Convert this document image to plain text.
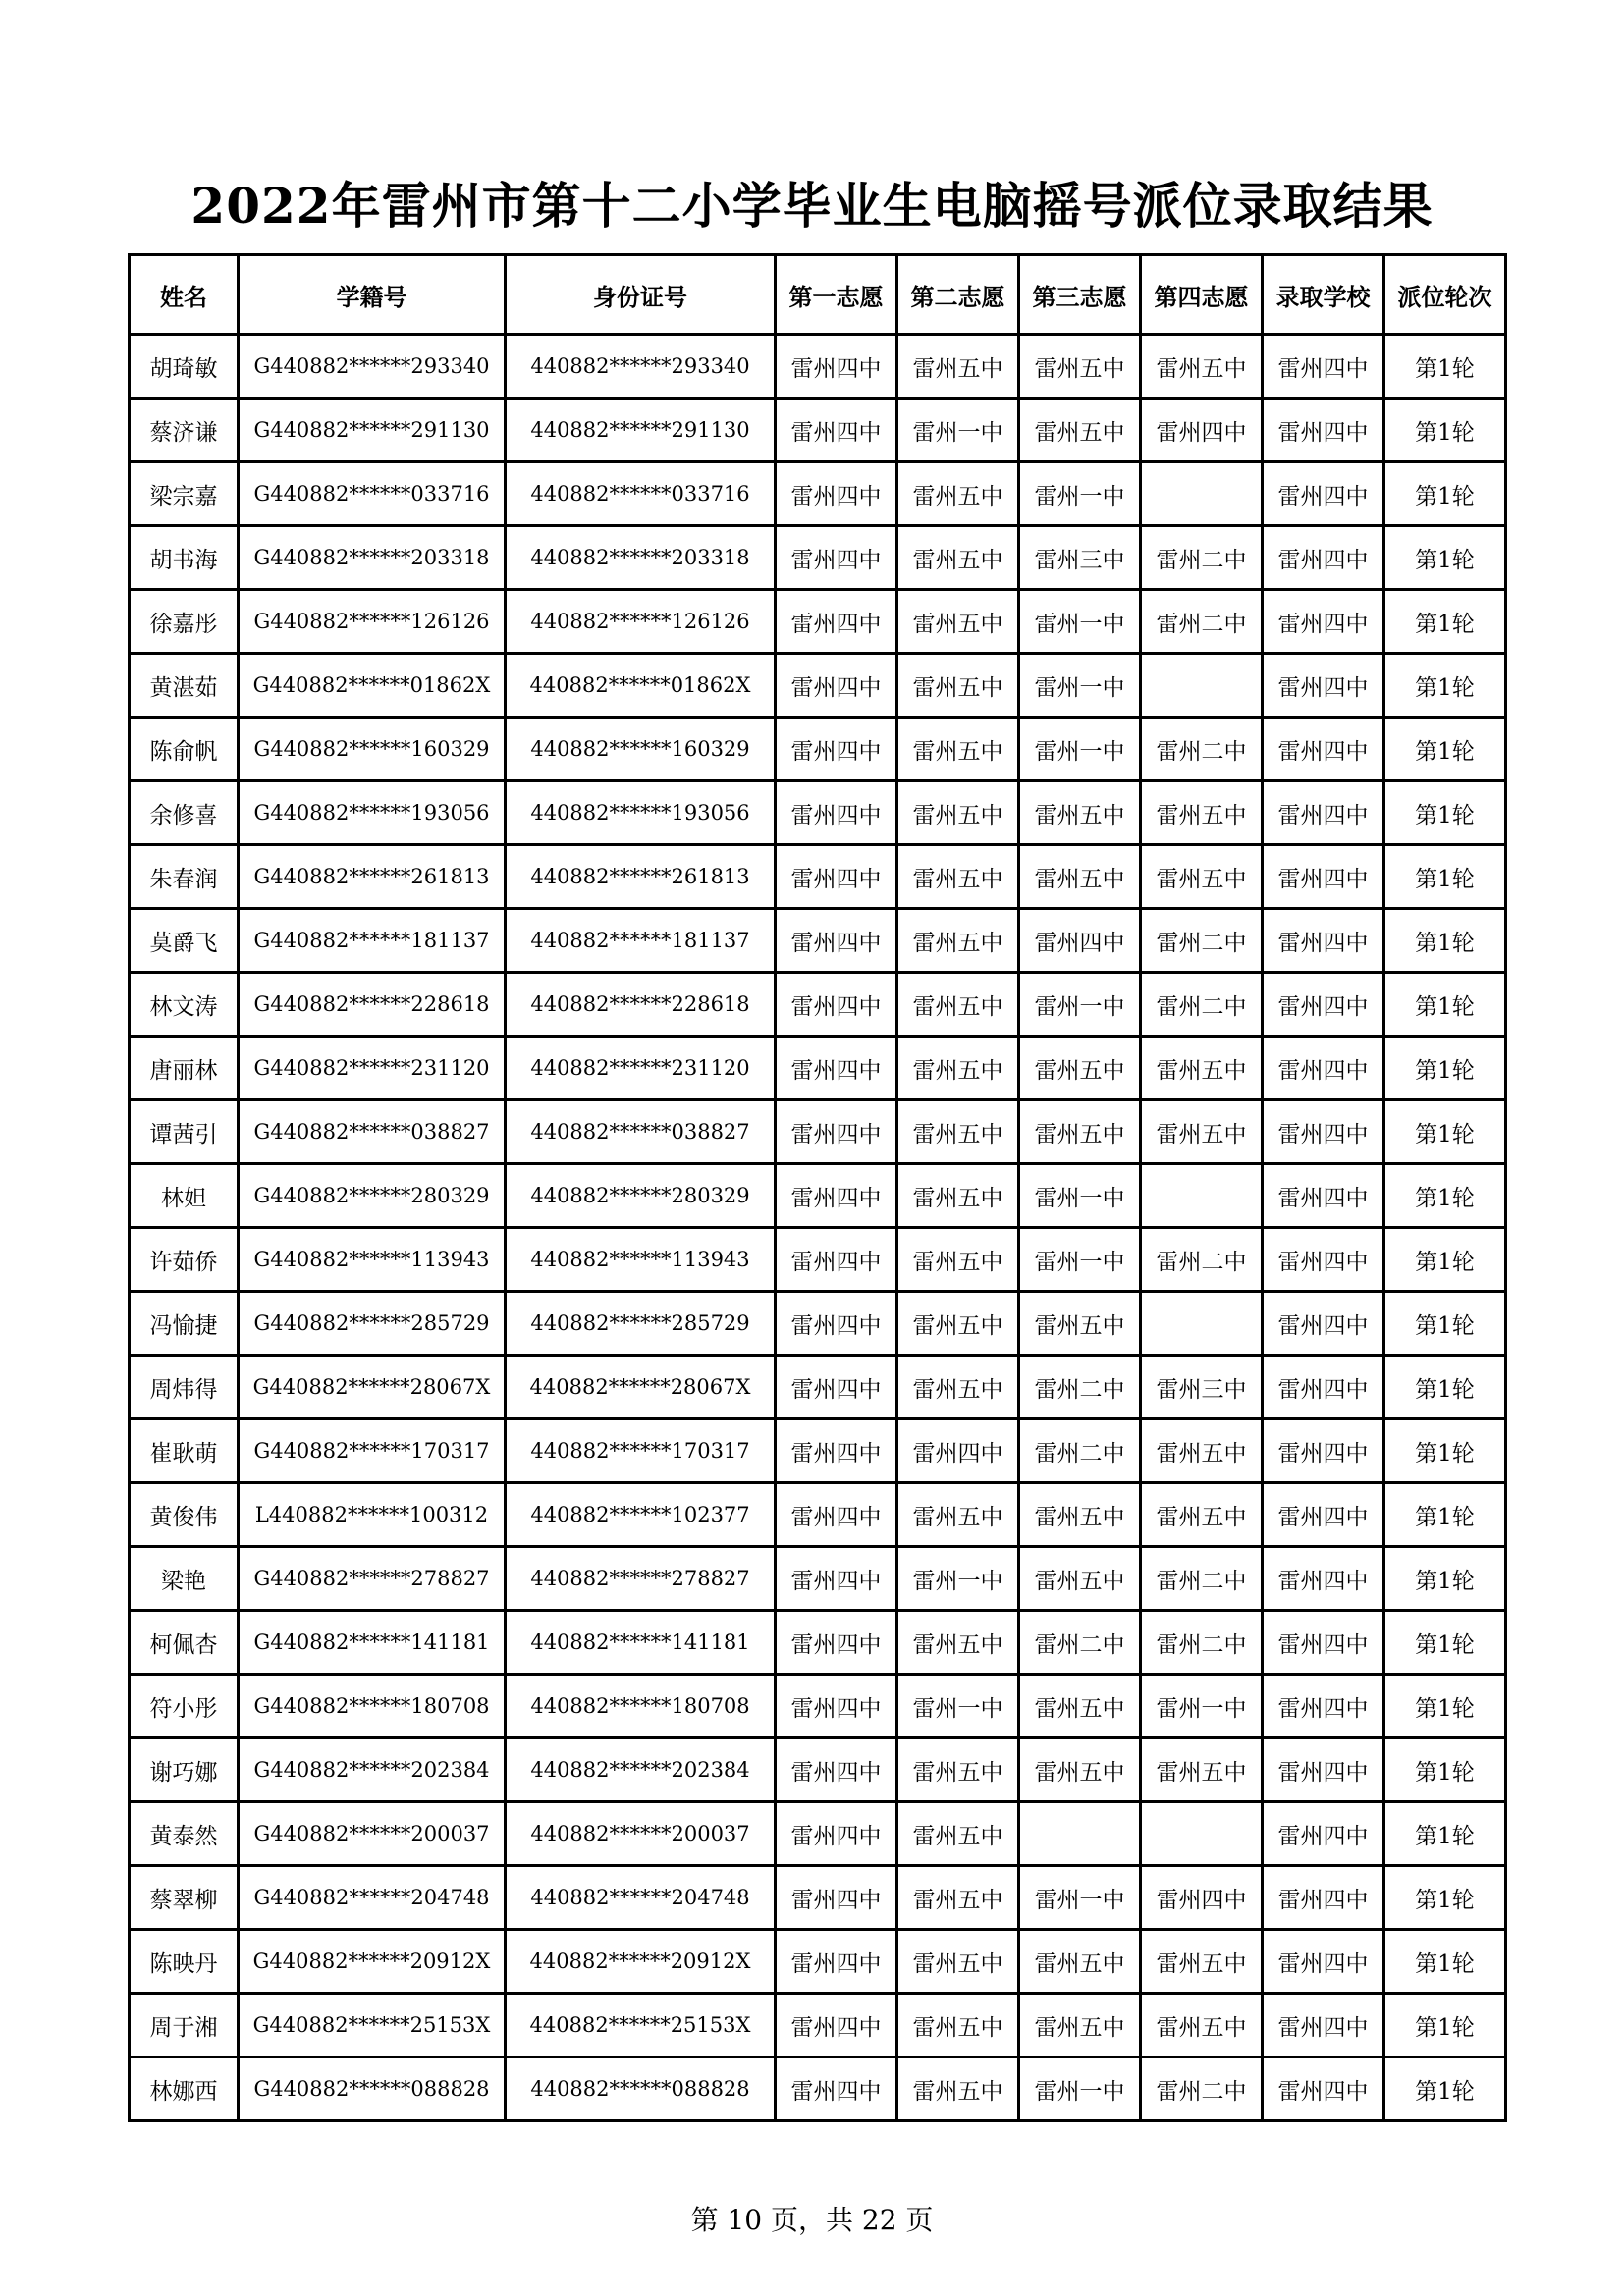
2022年雷州市第十二小学毕业生电脑摇号派位录取结果
姓名	学籍号	身份证号	第一志愿	第二志愿	第三志愿	第四志愿	录取学校	派位轮次
胡琦敏	G440882******293340	440882******293340	雷州四中	雷州五中	雷州五中	雷州五中	雷州四中	第1轮
蔡济谦	G440882******291130	440882******291130	雷州四中	雷州一中	雷州五中	雷州四中	雷州四中	第1轮
梁宗嘉	G440882******033716	440882******033716	雷州四中	雷州五中	雷州一中		雷州四中	第1轮
胡书海	G440882******203318	440882******203318	雷州四中	雷州五中	雷州三中	雷州二中	雷州四中	第1轮
徐嘉彤	G440882******126126	440882******126126	雷州四中	雷州五中	雷州一中	雷州二中	雷州四中	第1轮
黄湛茹	G440882******01862X	440882******01862X	雷州四中	雷州五中	雷州一中		雷州四中	第1轮
陈俞帆	G440882******160329	440882******160329	雷州四中	雷州五中	雷州一中	雷州二中	雷州四中	第1轮
余修喜	G440882******193056	440882******193056	雷州四中	雷州五中	雷州五中	雷州五中	雷州四中	第1轮
朱春润	G440882******261813	440882******261813	雷州四中	雷州五中	雷州五中	雷州五中	雷州四中	第1轮
莫爵飞	G440882******181137	440882******181137	雷州四中	雷州五中	雷州四中	雷州二中	雷州四中	第1轮
林文涛	G440882******228618	440882******228618	雷州四中	雷州五中	雷州一中	雷州二中	雷州四中	第1轮
唐丽林	G440882******231120	440882******231120	雷州四中	雷州五中	雷州五中	雷州五中	雷州四中	第1轮
谭茜引	G440882******038827	440882******038827	雷州四中	雷州五中	雷州五中	雷州五中	雷州四中	第1轮
林妲	G440882******280329	440882******280329	雷州四中	雷州五中	雷州一中		雷州四中	第1轮
许茹侨	G440882******113943	440882******113943	雷州四中	雷州五中	雷州一中	雷州二中	雷州四中	第1轮
冯愉捷	G440882******285729	440882******285729	雷州四中	雷州五中	雷州五中		雷州四中	第1轮
周炜得	G440882******28067X	440882******28067X	雷州四中	雷州五中	雷州二中	雷州三中	雷州四中	第1轮
崔耿萌	G440882******170317	440882******170317	雷州四中	雷州四中	雷州二中	雷州五中	雷州四中	第1轮
黄俊伟	L440882******100312	440882******102377	雷州四中	雷州五中	雷州五中	雷州五中	雷州四中	第1轮
梁艳	G440882******278827	440882******278827	雷州四中	雷州一中	雷州五中	雷州二中	雷州四中	第1轮
柯佩杏	G440882******141181	440882******141181	雷州四中	雷州五中	雷州二中	雷州二中	雷州四中	第1轮
符小彤	G440882******180708	440882******180708	雷州四中	雷州一中	雷州五中	雷州一中	雷州四中	第1轮
谢巧娜	G440882******202384	440882******202384	雷州四中	雷州五中	雷州五中	雷州五中	雷州四中	第1轮
黄泰然	G440882******200037	440882******200037	雷州四中	雷州五中			雷州四中	第1轮
蔡翠柳	G440882******204748	440882******204748	雷州四中	雷州五中	雷州一中	雷州四中	雷州四中	第1轮
陈映丹	G440882******20912X	440882******20912X	雷州四中	雷州五中	雷州五中	雷州五中	雷州四中	第1轮
周于湘	G440882******25153X	440882******25153X	雷州四中	雷州五中	雷州五中	雷州五中	雷州四中	第1轮
林娜西	G440882******088828	440882******088828	雷州四中	雷州五中	雷州一中	雷州二中	雷州四中	第1轮
第 10 页，共 22 页
